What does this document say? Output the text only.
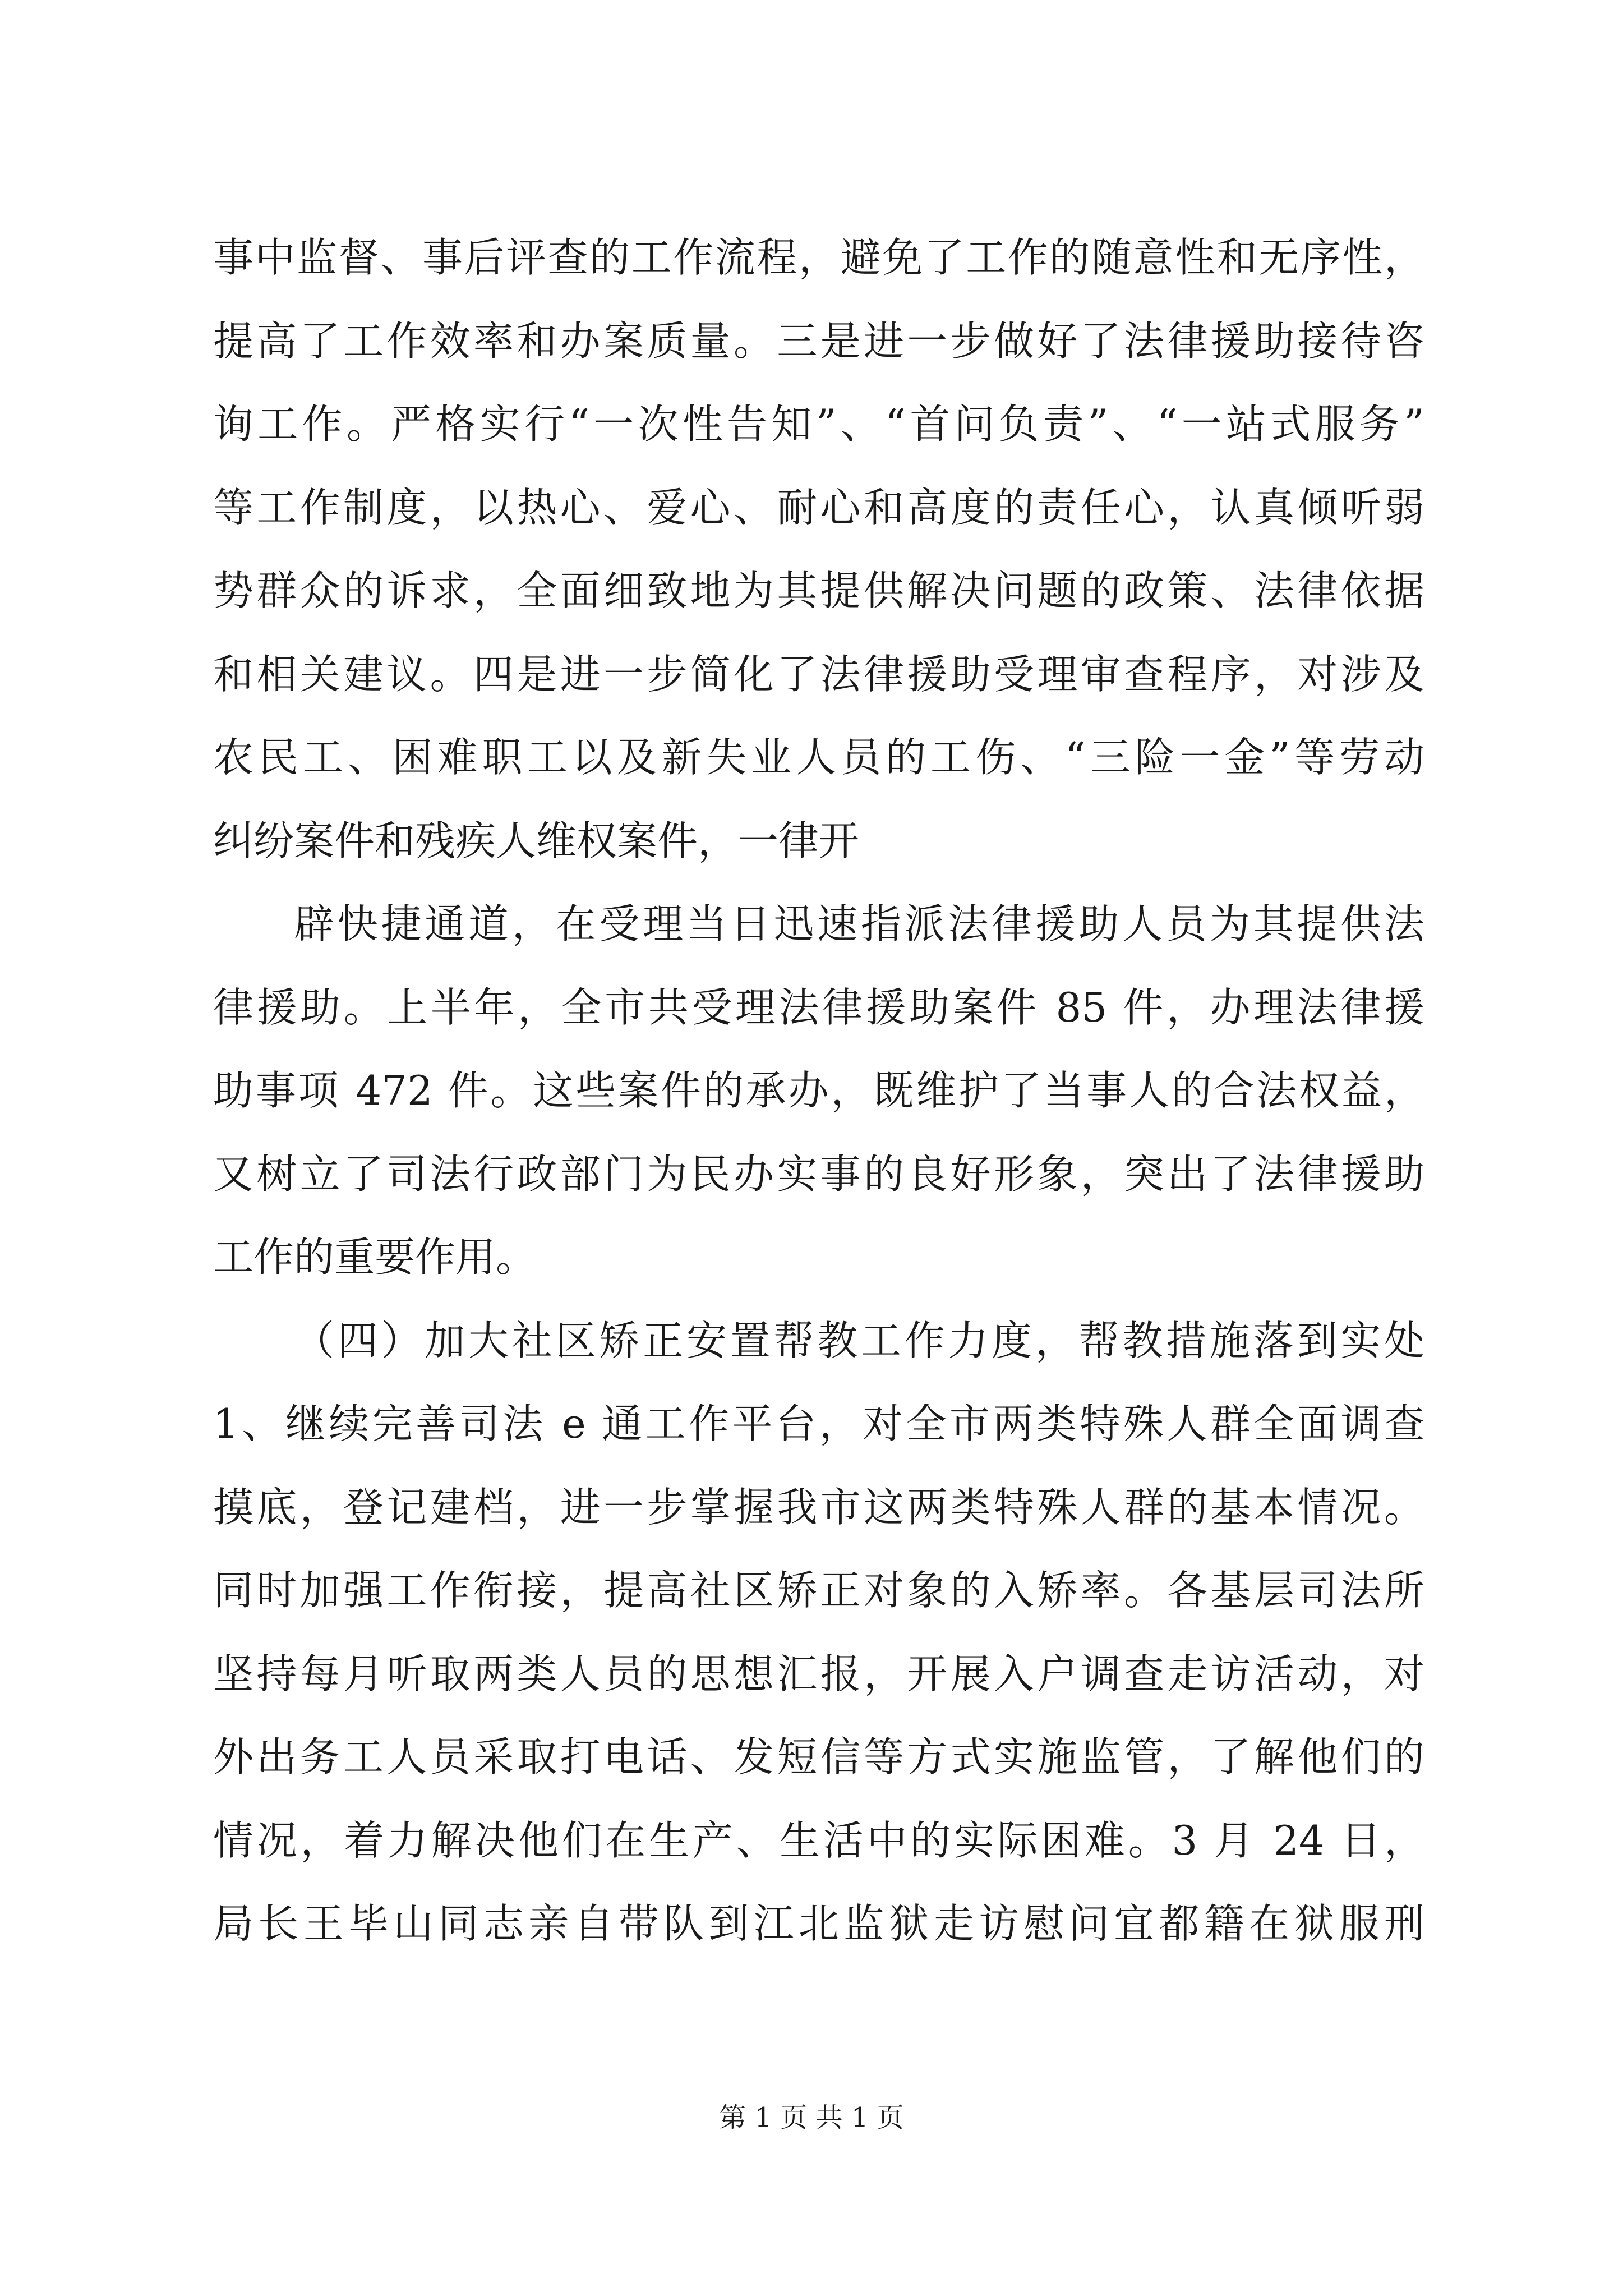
事中监督、事后评查的工作流程，避免了工作的随意性和无序性，
提高了工作效率和办案质量。三是进一步做好了法律援助接待咨
询工作。严格实行“一次性告知”、“首问负责”、“一站式服务”
等工作制度，以热心、爱心、耐心和高度的责任心，认真倾听弱
势群众的诉求，全面细致地为其提供解决问题的政策、法律依据
和相关建议。四是进一步简化了法律援助受理审查程序，对涉及
农民工、困难职工以及新失业人员的工伤、“三险一金”等劳动
纠纷案件和残疾人维权案件，一律开
辟快捷通道，在受理当日迅速指派法律援助人员为其提供法
律援助。上半年，全市共受理法律援助案件 85 件，办理法律援
助事项 472 件。这些案件的承办，既维护了当事人的合法权益，
又树立了司法行政部门为民办实事的良好形象，突出了法律援助
工作的重要作用。
（四）加大社区矫正安置帮教工作力度，帮教措施落到实处
1、继续完善司法 e 通工作平台，对全市两类特殊人群全面调查
摸底，登记建档，进一步掌握我市这两类特殊人群的基本情况。
同时加强工作衔接，提高社区矫正对象的入矫率。各基层司法所
坚持每月听取两类人员的思想汇报，开展入户调查走访活动，对
外出务工人员采取打电话、发短信等方式实施监管，了解他们的
情况，着力解决他们在生产、生活中的实际困难。3 月 24 日，
局长王毕山同志亲自带队到江北监狱走访慰问宜都籍在狱服刑
第 1 页 共 1 页
